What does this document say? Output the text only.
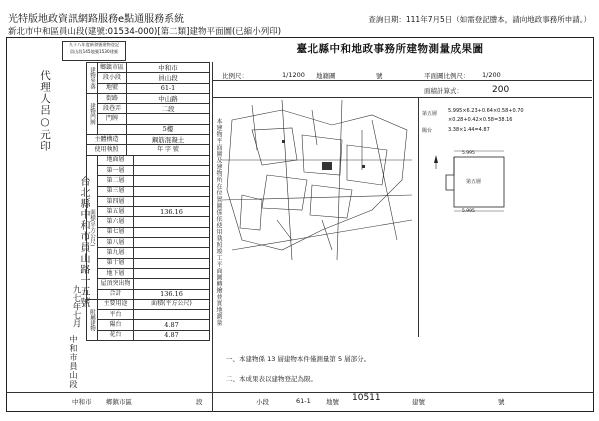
光特版地政資訊網路服務e點通服務系統
新北市中和區員山段(建號:01534-000)[第二類]建物平面圖(已縮小列印)
查詢日期：111年7月5日（如需登記謄本，請向地政事務所申請。）
九十八年度新發號建物登記
員山段145地號1530建號	臺北縣中和地政事務所建物測量成果圖
代理人呂○元印
台北縣中和市員山路一五號
九七年七月
中和市員山段
建物坐落	鄉鎮市區	中和市	
	段小段	員山段	
	地號	61-1	
建物門牌	街路	中山路	
	段巷弄	二段	
	門牌		
		5樓	
主體構造		鋼筋混凝土	
使用執照		年 字 號	
面積(平方公尺)	地面層		
	第一層		
	第二層		
	第三層		
	第四層		
	第五層		136.16
	第六層		
	第七層		
	第八層		
	第九層		
	第十層		
	地下層		
	屋頂突出物		
	合計		136.16
附屬建物	主要用途		面積(平方公尺)
	平台		
	陽台		4.87
	花台		4.87
比例尺：	1/1200 地籍圖	號	平面圖比例尺： 1/200
面積計算式：	200
第五層 5.995×6.23+0.64×0.58+0.70
×0.28+0.42×0.58=38.16
陽台	3.38×1.44=4.87
5.995
第五層
5.995
本建物平面圖及建物所在位置圖係依使用執照竣工平面圖轉繪並實地測量
一、本建物係 13 層建物本件僅測量第 5 層部分。
二、本成果表以建物登記為限。
中和市 鄉鎮市區	段	小段	61-1 地號 10511	建號	號
